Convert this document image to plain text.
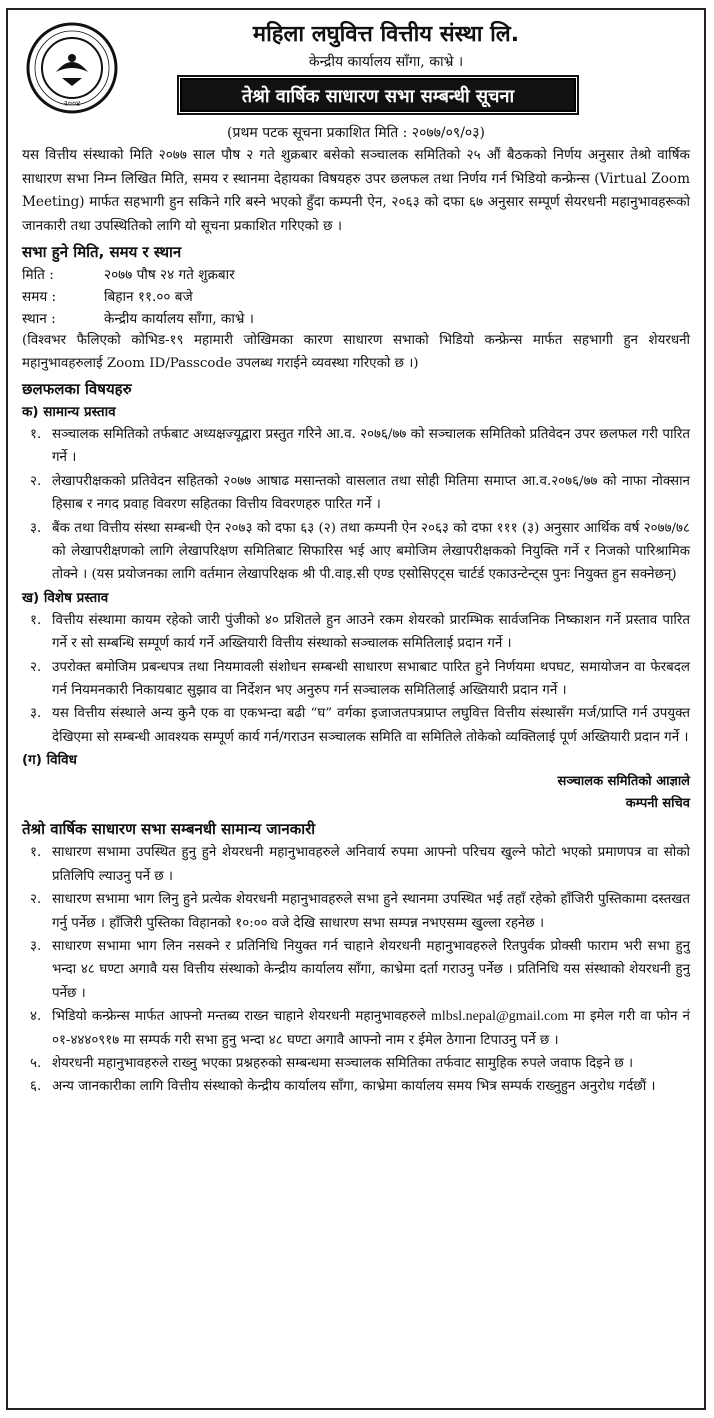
२००४
महिला लघुवित्त वित्तीय संस्था लि.
केन्द्रीय कार्यालय साँगा, काभ्रे ।
तेश्रो वार्षिक साधारण सभा सम्बन्धी सूचना
(प्रथम पटक सूचना प्रकाशित मिति : २०७७/०९/०३)

यस वित्तीय संस्थाको मिति २०७७ साल पौष २ गते शुक्रबार बसेको सञ्चालक समितिको २५ औं बैठकको निर्णय अनुसार तेश्रो वार्षिक साधारण सभा निम्न लिखित मिति, समय र स्थानमा देहायका विषयहरु उपर छलफल तथा निर्णय गर्न भिडियो कन्फ्रेन्स (Virtual Zoom Meeting) मार्फत सहभागी हुन सकिने गरि बस्ने भएको हुँदा कम्पनी ऐन, २०६३ को दफा ६७ अनुसार सम्पूर्ण सेयरधनी महानुभावहरूको जानकारी तथा उपस्थितिको लागि यो सूचना प्रकाशित गरिएको छ ।

सभा हुने मिति, समय र स्थान
मिति :	२०७७ पौष २४ गते शुक्रबार
समय :	बिहान ११.०० बजे
स्थान :	केन्द्रीय कार्यालय साँगा, काभ्रे ।

(विश्वभर फैलिएको कोभिड-१९ महामारी जोखिमका कारण साधारण सभाको भिडियो कन्फ्रेन्स मार्फत सहभागी हुन शेयरधनी महानुभावहरुलाई Zoom ID/Passcode उपलब्ध गराईने व्यवस्था गरिएको छ ।)

छलफलका विषयहरु
क) सामान्य प्रस्ताव
१. सञ्चालक समितिको तर्फबाट अध्यक्षज्यूद्वारा प्रस्तुत गरिने आ.व. २०७६/७७ को सञ्चालक समितिको प्रतिवेदन उपर छलफल गरी पारित गर्ने ।
२. लेखापरीक्षकको प्रतिवेदन सहितको २०७७ आषाढ मसान्तको वासलात तथा सोही मितिमा समाप्त आ.व.२०७६/७७ को नाफा नोक्सान हिसाब र नगद प्रवाह विवरण सहितका वित्तीय विवरणहरु पारित गर्ने ।
३. बैंक तथा वित्तीय संस्था सम्बन्धी ऐन २०७३ को दफा ६३ (२) तथा कम्पनी ऐन २०६३ को दफा १११ (३) अनुसार आर्थिक वर्ष २०७७/७८ को लेखापरीक्षणको लागि लेखापरिक्षण समितिबाट सिफारिस भई आए बमोजिम लेखापरीक्षकको नियुक्ति गर्ने र निजको पारिश्रामिक तोक्ने । (यस प्रयोजनका लागि वर्तमान लेखापरिक्षक श्री पी.वाइ.सी एण्ड एसोसिएट्स चार्टर्ड एकाउन्टेन्ट्स पुनः नियुक्त हुन सक्नेछन्)
ख) विशेष प्रस्ताव
१. वित्तीय संस्थामा कायम रहेको जारी पुंजीको ४० प्रशितले हुन आउने रकम शेयरको प्रारम्भिक सार्वजनिक निष्काशन गर्ने प्रस्ताव पारित गर्ने र सो सम्बन्धि सम्पूर्ण कार्य गर्ने अख्तियारी वित्तीय संस्थाको सञ्चालक समितिलाई प्रदान गर्ने ।
२. उपरोक्त बमोजिम प्रबन्धपत्र तथा नियमावली संशोधन सम्बन्धी साधारण सभाबाट पारित हुने निर्णयमा थपघट, समायोजन वा फेरबदल गर्न नियमनकारी निकायबाट सुझाव वा निर्देशन भए अनुरुप गर्न सञ्चालक समितिलाई अख्तियारी प्रदान गर्ने ।
३. यस वित्तीय संस्थाले अन्य कुनै एक वा एकभन्दा बढी “घ” वर्गका इजाजतपत्रप्राप्त लघुवित्त वित्तीय संस्थासँग मर्ज/प्राप्ति गर्न उपयुक्त देखिएमा सो सम्बन्धी आवश्यक सम्पूर्ण कार्य गर्न/गराउन सञ्चालक समिति वा समितिले तोकेको व्यक्तिलाई पूर्ण अख्तियारी प्रदान गर्ने ।
(ग) विविध
सञ्चालक समितिको आज्ञाले
कम्पनी सचिव
तेश्रो वार्षिक साधारण सभा सम्बनधी सामान्य जानकारी
१. साधारण सभामा उपस्थित हुनु हुने शेयरधनी महानुभावहरुले अनिवार्य रुपमा आफ्नो परिचय खुल्ने फोटो भएको प्रमाणपत्र वा सोको प्रतिलिपि ल्याउनु पर्ने छ ।
२. साधारण सभामा भाग लिनु हुने प्रत्येक शेयरधनी महानुभावहरुले सभा हुने स्थानमा उपस्थित भई तहाँ रहेको हाँजिरी पुस्तिकामा दस्तखत गर्नु पर्नेछ । हाँजिरी पुस्तिका विहानको १०:०० वजे देखि साधारण सभा सम्पन्न नभएसम्म खुल्ला रहनेछ ।
३. साधारण सभामा भाग लिन नसक्ने र प्रतिनिधि नियुक्त गर्न चाहाने शेयरधनी महानुभावहरुले रितपुर्वक प्रोक्सी फाराम भरी सभा हुनु भन्दा ४८ घण्टा अगावै यस वित्तीय संस्थाको केन्द्रीय कार्यालय साँगा, काभ्रेमा दर्ता गराउनु पर्नेछ । प्रतिनिधि यस संस्थाको शेयरधनी हुनु पर्नेछ ।
४. भिडियो कन्फ्रेन्स मार्फत आफ्नो मन्तब्य राख्न चाहाने शेयरधनी महानुभावहरुले mlbsl.nepal@gmail.com मा इमेल गरी वा फोन नं ०१-४४४०९१७ मा सम्पर्क गरी सभा हुनु भन्दा ४८ घण्टा अगावै आफ्नो नाम र ईमेल ठेगाना टिपाउनु पर्ने छ ।
५. शेयरधनी महानुभावहरुले राख्नु भएका प्रश्नहरुको सम्बन्धमा सञ्चालक समितिका तर्फवाट सामुहिक रुपले जवाफ दिइने छ ।
६. अन्य जानकारीका लागि वित्तीय संस्थाको केन्द्रीय कार्यालय साँगा, काभ्रेमा कार्यालय समय भित्र सम्पर्क राख्नुहुन अनुरोध गर्दछौं ।
